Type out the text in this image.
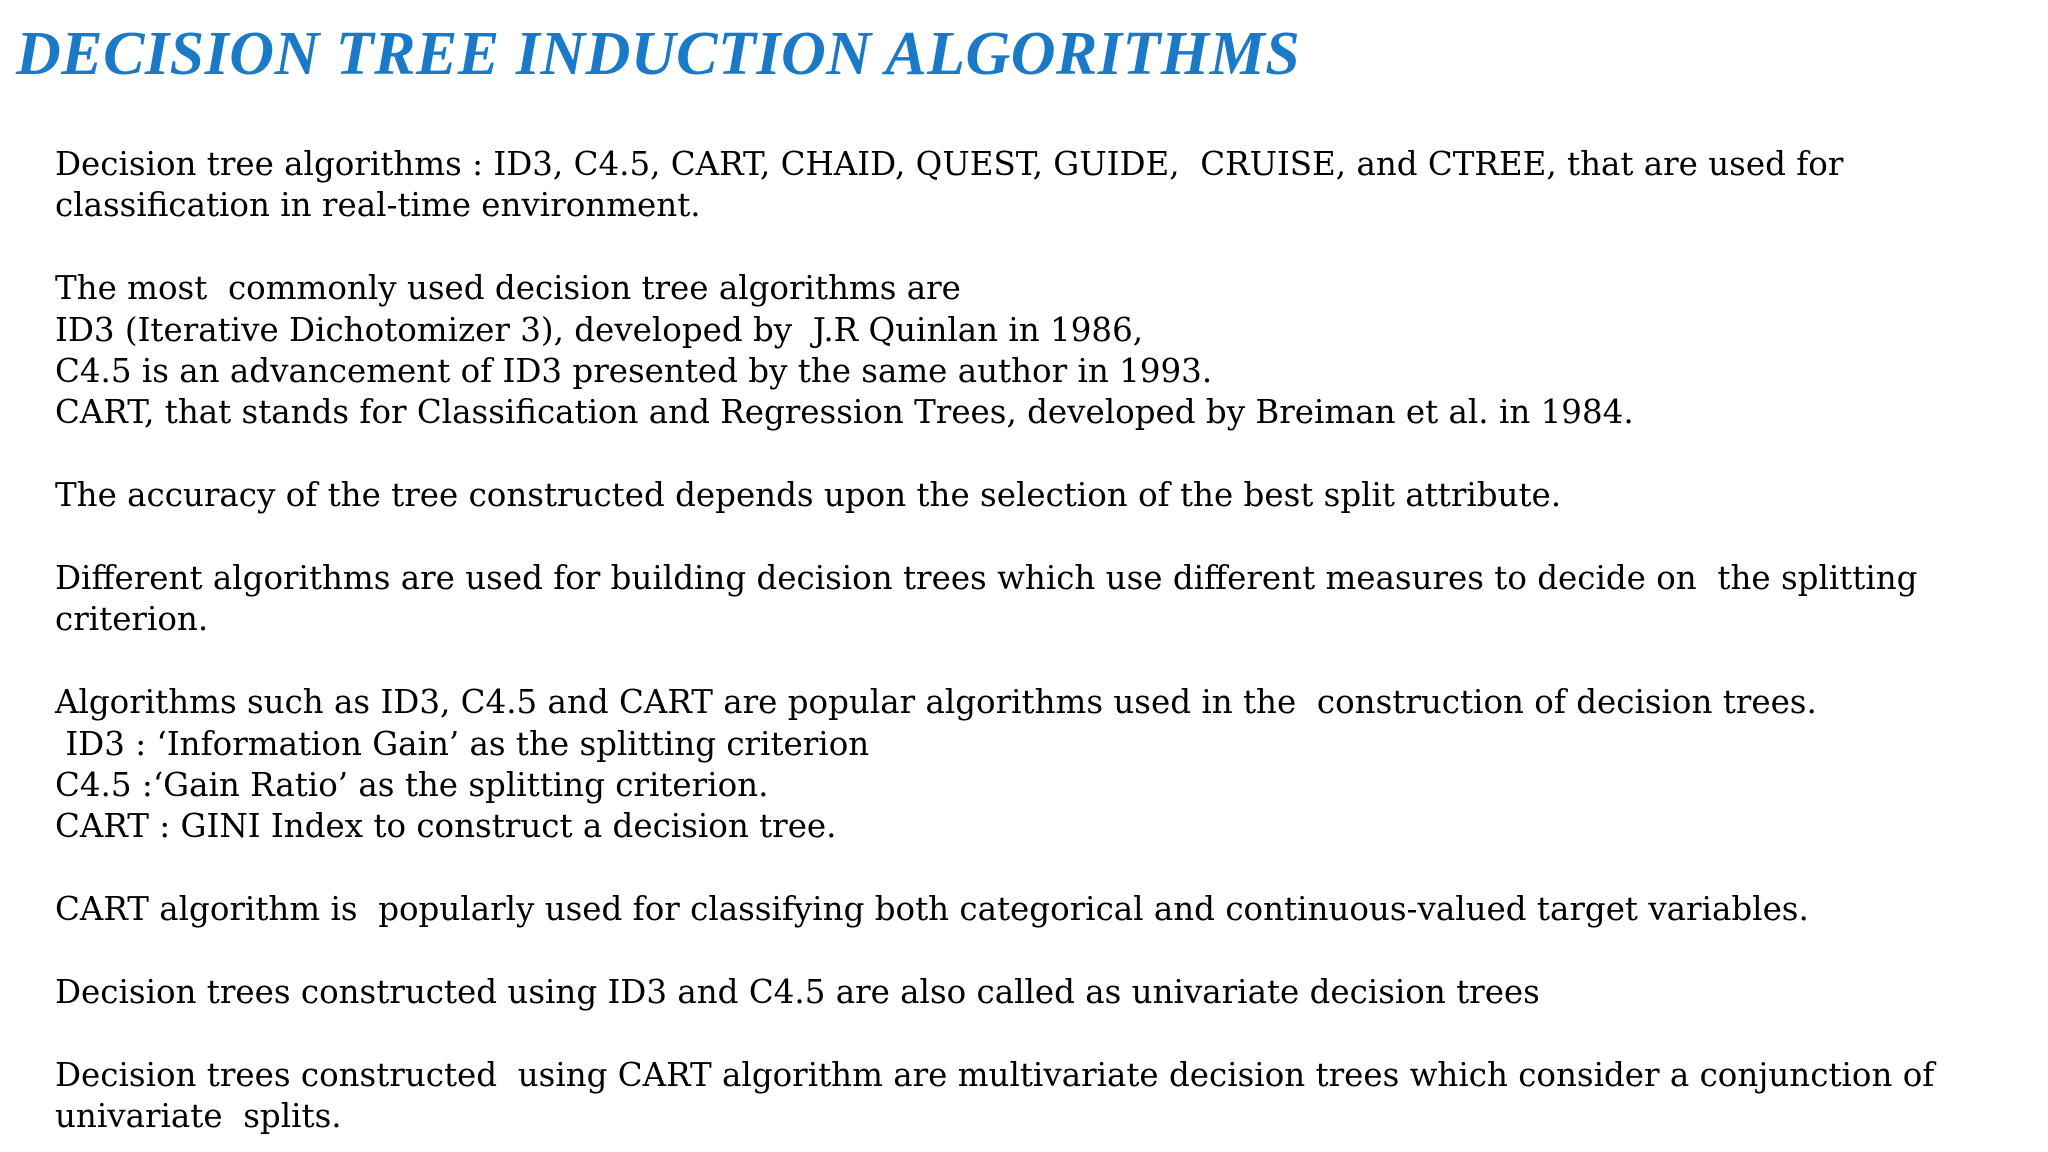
DECISION TREE INDUCTION ALGORITHMS

Decision tree algorithms : ID3, C4.5, CART, CHAID, QUEST, GUIDE,  CRUISE, and CTREE, that are used for
classification in real-time environment.

The most  commonly used decision tree algorithms are
ID3 (Iterative Dichotomizer 3), developed by  J.R Quinlan in 1986,
C4.5 is an advancement of ID3 presented by the same author in 1993.
CART, that stands for Classification and Regression Trees, developed by Breiman et al. in 1984.

The accuracy of the tree constructed depends upon the selection of the best split attribute.

Different algorithms are used for building decision trees which use different measures to decide on  the splitting
criterion.

Algorithms such as ID3, C4.5 and CART are popular algorithms used in the  construction of decision trees.
ID3 : ‘Information Gain’ as the splitting criterion
C4.5 :‘Gain Ratio’ as the splitting criterion.
CART : GINI Index to construct a decision tree.

CART algorithm is  popularly used for classifying both categorical and continuous-valued target variables.

Decision trees constructed using ID3 and C4.5 are also called as univariate decision trees

Decision trees constructed  using CART algorithm are multivariate decision trees which consider a conjunction of
univariate  splits.
